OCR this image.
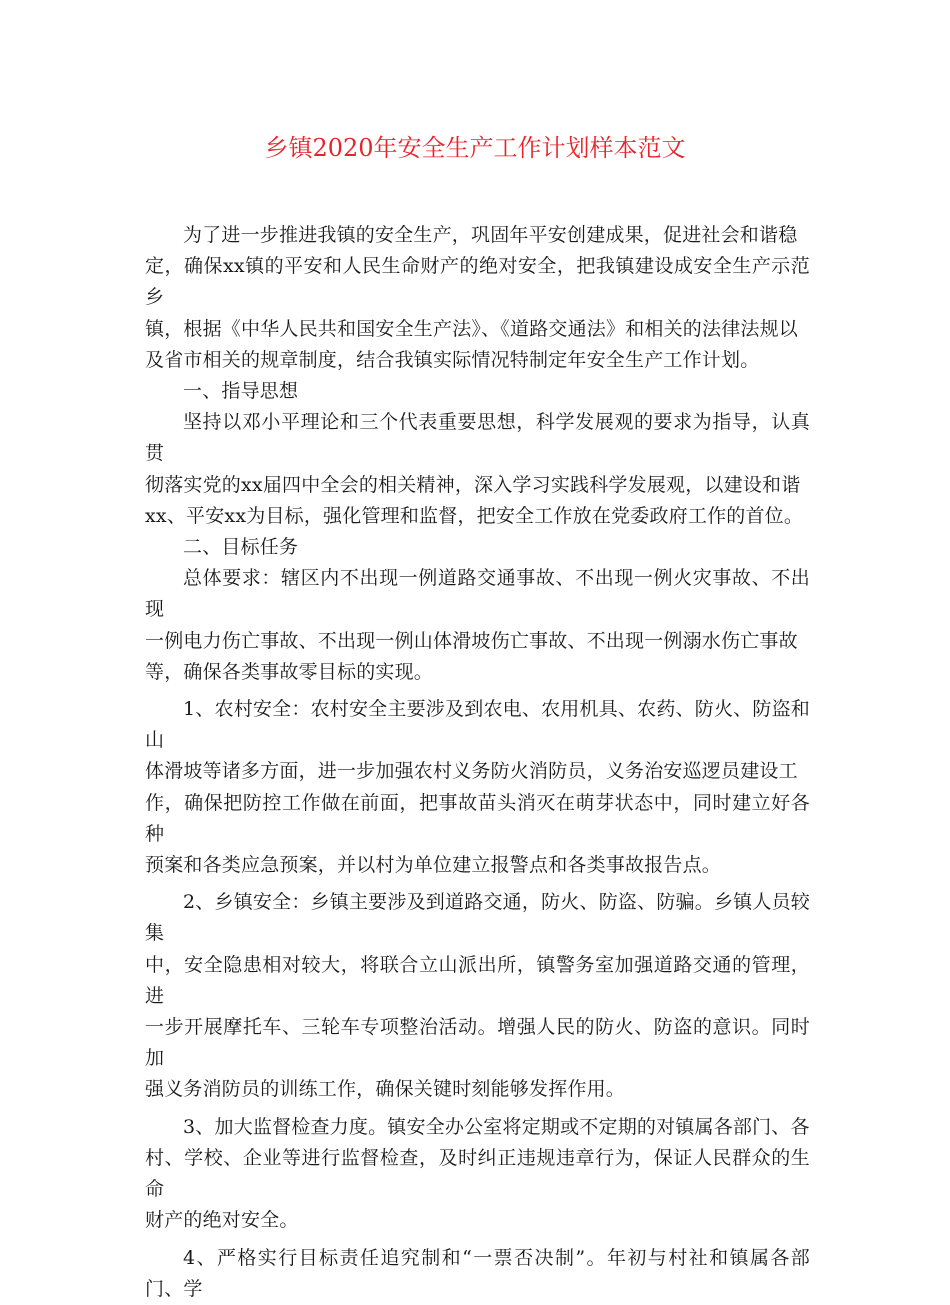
乡镇2020年安全生产工作计划样本范文

为了进一步推进我镇的安全生产，巩固年平安创建成果，促进社会和谐稳
定，确保xx镇的平安和人民生命财产的绝对安全，把我镇建设成安全生产示范乡
镇，根据《中华人民共和国安全生产法》、《道路交通法》和相关的法律法规以
及省市相关的规章制度，结合我镇实际情况特制定年安全生产工作计划。

一、指导思想

坚持以邓小平理论和三个代表重要思想，科学发展观的要求为指导，认真贯
彻落实党的xx届四中全会的相关精神，深入学习实践科学发展观，以建设和谐
xx、平安xx为目标，强化管理和监督，把安全工作放在党委政府工作的首位。

二、目标任务

总体要求：辖区内不出现一例道路交通事故、不出现一例火灾事故、不出现
一例电力伤亡事故、不出现一例山体滑坡伤亡事故、不出现一例溺水伤亡事故
等，确保各类事故零目标的实现。

1、农村安全：农村安全主要涉及到农电、农用机具、农药、防火、防盗和山
体滑坡等诸多方面，进一步加强农村义务防火消防员，义务治安巡逻员建设工
作，确保把防控工作做在前面，把事故苗头消灭在萌芽状态中，同时建立好各种
预案和各类应急预案，并以村为单位建立报警点和各类事故报告点。

2、乡镇安全：乡镇主要涉及到道路交通，防火、防盗、防骗。乡镇人员较集
中，安全隐患相对较大，将联合立山派出所，镇警务室加强道路交通的管理，进
一步开展摩托车、三轮车专项整治活动。增强人民的防火、防盗的意识。同时加
强义务消防员的训练工作，确保关键时刻能够发挥作用。

3、加大监督检查力度。镇安全办公室将定期或不定期的对镇属各部门、各
村、学校、企业等进行监督检查，及时纠正违规违章行为，保证人民群众的生命
财产的绝对安全。

4、严格实行目标责任追究制和“一票否决制”。年初与村社和镇属各部门、学
